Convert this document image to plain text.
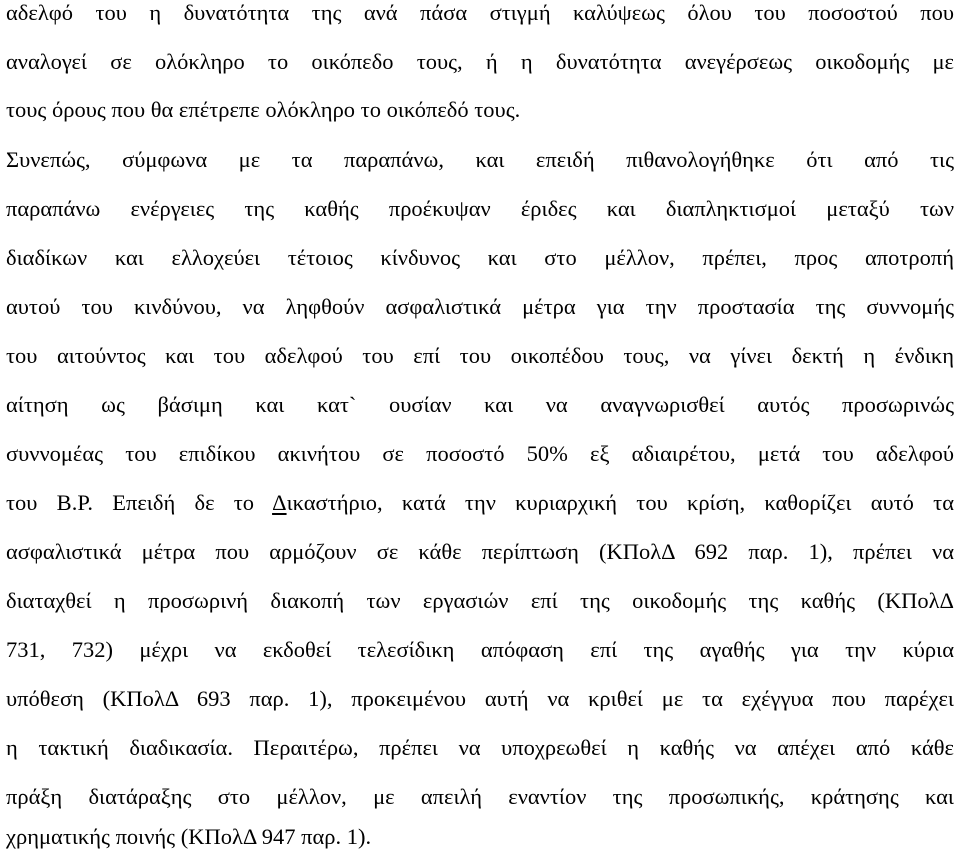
αδελφό του η δυνατότητα της ανά πάσα στιγμή καλύψεως όλου του ποσοστού που
αναλογεί σε ολόκληρο το οικόπεδο τους, ή η δυνατότητα ανεγέρσεως οικοδομής με
τους όρους που θα επέτρεπε ολόκληρο το οικόπεδό τους.
Συνεπώς, σύμφωνα με τα παραπάνω, και επειδή πιθανολογήθηκε ότι από τις
παραπάνω ενέργειες της καθής προέκυψαν έριδες και διαπληκτισμοί μεταξύ των
διαδίκων και ελλοχεύει τέτοιος κίνδυνος και στο μέλλον, πρέπει, προς αποτροπή
αυτού του κινδύνου, να ληφθούν ασφαλιστικά μέτρα για την προστασία της συννομής
του αιτούντος και του αδελφού του επί του οικοπέδου τους, να γίνει δεκτή η ένδικη
αίτηση ως βάσιμη και κατ` ουσίαν και να αναγνωρισθεί αυτός προσωρινώς
συννομέας του επιδίκου ακινήτου σε ποσοστό 50% εξ αδιαιρέτου, μετά του αδελφού
του Β.Ρ. Επειδή δε το Δικαστήριο, κατά την κυριαρχική του κρίση, καθορίζει αυτό τα
ασφαλιστικά μέτρα που αρμόζουν σε κάθε περίπτωση (ΚΠολΔ 692 παρ. 1), πρέπει να
διαταχθεί η προσωρινή διακοπή των εργασιών επί της οικοδομής της καθής (ΚΠολΔ
731, 732) μέχρι να εκδοθεί τελεσίδικη απόφαση επί της αγαθής για την κύρια
υπόθεση (ΚΠολΔ 693 παρ. 1), προκειμένου αυτή να κριθεί με τα εχέγγυα που παρέχει
η τακτική διαδικασία. Περαιτέρω, πρέπει να υποχρεωθεί η καθής να απέχει από κάθε
πράξη διατάραξης στο μέλλον, με απειλή εναντίον της προσωπικής, κράτησης και
χρηματικής ποινής (ΚΠολΔ 947 παρ. 1).
